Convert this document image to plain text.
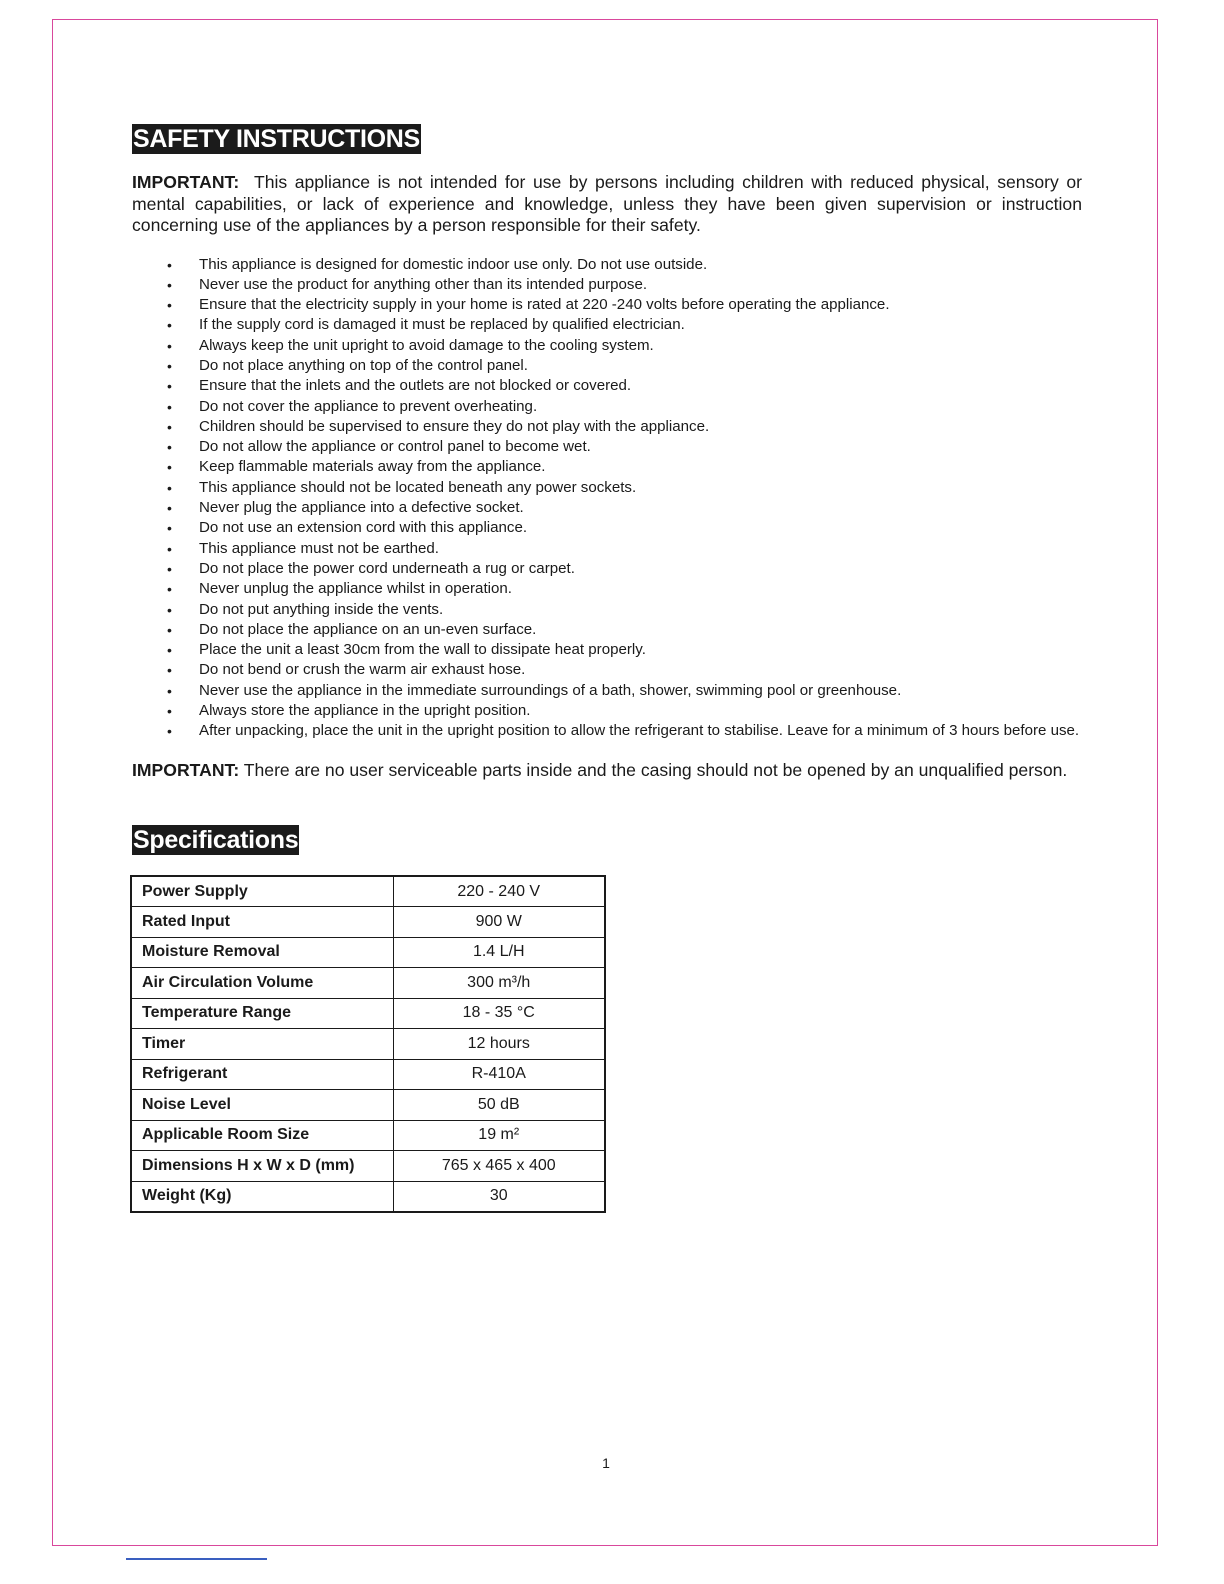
SAFETY INSTRUCTIONS

IMPORTANT:  This appliance is not intended for use by persons including children with reduced physical, sensory or mental capabilities, or lack of experience and knowledge, unless they have been given supervision or instruction concerning use of the appliances by a person responsible for their safety.

• This appliance is designed for domestic indoor use only. Do not use outside.
• Never use the product for anything other than its intended purpose.
• Ensure that the electricity supply in your home is rated at 220 -240 volts before operating the appliance.
• If the supply cord is damaged it must be replaced by qualified electrician.
• Always keep the unit upright to avoid damage to the cooling system.
• Do not place anything on top of the control panel.
• Ensure that the inlets and the outlets are not blocked or covered.
• Do not cover the appliance to prevent overheating.
• Children should be supervised to ensure they do not play with the appliance.
• Do not allow the appliance or control panel to become wet.
• Keep flammable materials away from the appliance.
• This appliance should not be located beneath any power sockets.
• Never plug the appliance into a defective socket.
• Do not use an extension cord with this appliance.
• This appliance must not be earthed.
• Do not place the power cord underneath a rug or carpet.
• Never unplug the appliance whilst in operation.
• Do not put anything inside the vents.
• Do not place the appliance on an un-even surface.
• Place the unit a least 30cm from the wall to dissipate heat properly.
• Do not bend or crush the warm air exhaust hose.
• Never use the appliance in the immediate surroundings of a bath, shower, swimming pool or greenhouse.
• Always store the appliance in the upright position.
• After unpacking, place the unit in the upright position to allow the refrigerant to stabilise. Leave for a minimum of 3 hours before use.

IMPORTANT: There are no user serviceable parts inside and the casing should not be opened by an unqualified person.

Specifications
Power Supply	220 - 240 V
Rated Input	900 W
Moisture Removal	1.4 L/H
Air Circulation Volume	300 m³/h
Temperature Range	18 - 35 °C
Timer	12 hours
Refrigerant	R-410A
Noise Level	50 dB
Applicable Room Size	19 m²
Dimensions H x W x D (mm)	765 x 465 x 400
Weight (Kg)	30
1
